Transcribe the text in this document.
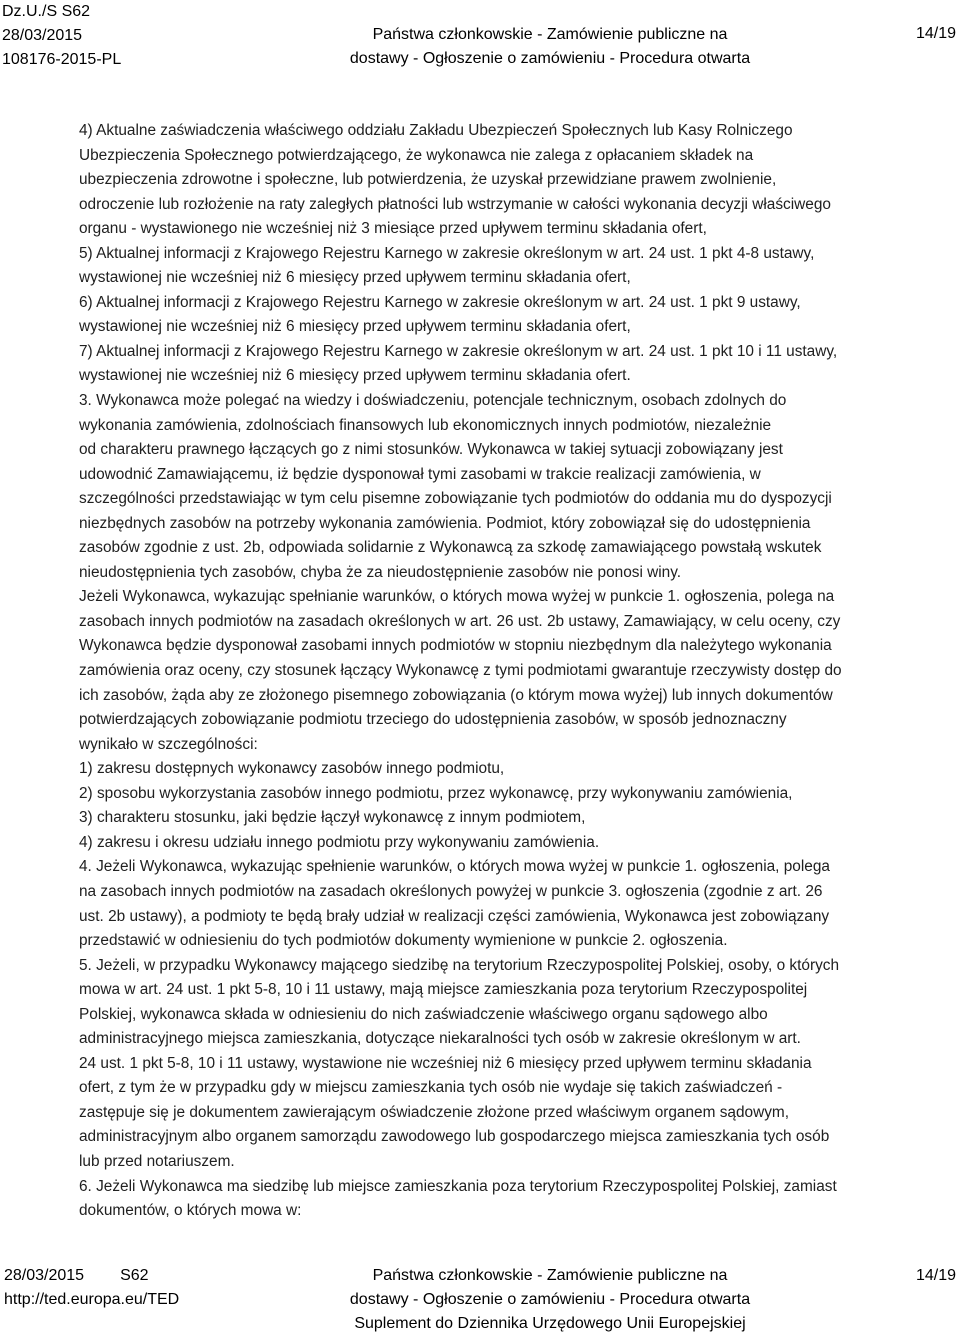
Dz.U./S S62
28/03/2015
108176-2015-PL
Państwa członkowskie - Zamówienie publiczne na
dostawy - Ogłoszenie o zamówieniu - Procedura otwarta
14/19

4) Aktualne zaświadczenia właściwego oddziału Zakładu Ubezpieczeń Społecznych lub Kasy Rolniczego

Ubezpieczenia Społecznego potwierdzającego, że wykonawca nie zalega z opłacaniem składek na

ubezpieczenia zdrowotne i społeczne, lub potwierdzenia, że uzyskał przewidziane prawem zwolnienie,

odroczenie lub rozłożenie na raty zaległych płatności lub wstrzymanie w całości wykonania decyzji właściwego

organu - wystawionego nie wcześniej niż 3 miesiące przed upływem terminu składania ofert,

5) Aktualnej informacji z Krajowego Rejestru Karnego w zakresie określonym w art. 24 ust. 1 pkt 4-8 ustawy,

wystawionej nie wcześniej niż 6 miesięcy przed upływem terminu składania ofert,

6) Aktualnej informacji z Krajowego Rejestru Karnego w zakresie określonym w art. 24 ust. 1 pkt 9 ustawy,

wystawionej nie wcześniej niż 6 miesięcy przed upływem terminu składania ofert,

7) Aktualnej informacji z Krajowego Rejestru Karnego w zakresie określonym w art. 24 ust. 1 pkt 10 i 11 ustawy,

wystawionej nie wcześniej niż 6 miesięcy przed upływem terminu składania ofert.

3. Wykonawca może polegać na wiedzy i doświadczeniu, potencjale technicznym, osobach zdolnych do

wykonania zamówienia, zdolnościach finansowych lub ekonomicznych innych podmiotów, niezależnie

od charakteru prawnego łączących go z nimi stosunków. Wykonawca w takiej sytuacji zobowiązany jest

udowodnić Zamawiającemu, iż będzie dysponował tymi zasobami w trakcie realizacji zamówienia, w

szczególności przedstawiając w tym celu pisemne zobowiązanie tych podmiotów do oddania mu do dyspozycji

niezbędnych zasobów na potrzeby wykonania zamówienia. Podmiot, który zobowiązał się do udostępnienia

zasobów zgodnie z ust. 2b, odpowiada solidarnie z Wykonawcą za szkodę zamawiającego powstałą wskutek

nieudostępnienia tych zasobów, chyba że za nieudostępnienie zasobów nie ponosi winy.

Jeżeli Wykonawca, wykazując spełnianie warunków, o których mowa wyżej w punkcie 1. ogłoszenia, polega na

zasobach innych podmiotów na zasadach określonych w art. 26 ust. 2b ustawy, Zamawiający, w celu oceny, czy

Wykonawca będzie dysponował zasobami innych podmiotów w stopniu niezbędnym dla należytego wykonania

zamówienia oraz oceny, czy stosunek łączący Wykonawcę z tymi podmiotami gwarantuje rzeczywisty dostęp do

ich zasobów, żąda aby ze złożonego pisemnego zobowiązania (o którym mowa wyżej) lub innych dokumentów

potwierdzających zobowiązanie podmiotu trzeciego do udostępnienia zasobów, w sposób jednoznaczny

wynikało w szczególności:

1) zakresu dostępnych wykonawcy zasobów innego podmiotu,

2) sposobu wykorzystania zasobów innego podmiotu, przez wykonawcę, przy wykonywaniu zamówienia,

3) charakteru stosunku, jaki będzie łączył wykonawcę z innym podmiotem,

4) zakresu i okresu udziału innego podmiotu przy wykonywaniu zamówienia.

4. Jeżeli Wykonawca, wykazując spełnienie warunków, o których mowa wyżej w punkcie 1. ogłoszenia, polega

na zasobach innych podmiotów na zasadach określonych powyżej w punkcie 3. ogłoszenia (zgodnie z art. 26

ust. 2b ustawy), a podmioty te będą brały udział w realizacji części zamówienia, Wykonawca jest zobowiązany

przedstawić w odniesieniu do tych podmiotów dokumenty wymienione w punkcie 2. ogłoszenia.

5. Jeżeli, w przypadku Wykonawcy mającego siedzibę na terytorium Rzeczypospolitej Polskiej, osoby, o których

mowa w art. 24 ust. 1 pkt 5-8, 10 i 11 ustawy, mają miejsce zamieszkania poza terytorium Rzeczypospolitej

Polskiej, wykonawca składa w odniesieniu do nich zaświadczenie właściwego organu sądowego albo

administracyjnego miejsca zamieszkania, dotyczące niekaralności tych osób w zakresie określonym w art.

24 ust. 1 pkt 5-8, 10 i 11 ustawy, wystawione nie wcześniej niż 6 miesięcy przed upływem terminu składania

ofert, z tym że w przypadku gdy w miejscu zamieszkania tych osób nie wydaje się takich zaświadczeń -

zastępuje się je dokumentem zawierającym oświadczenie złożone przed właściwym organem sądowym,

administracyjnym albo organem samorządu zawodowego lub gospodarczego miejsca zamieszkania tych osób

lub przed notariuszem.

6. Jeżeli Wykonawca ma siedzibę lub miejsce zamieszkania poza terytorium Rzeczypospolitej Polskiej, zamiast

dokumentów, o których mowa w:

28/03/2015 S62
http://ted.europa.eu/TED
Państwa członkowskie - Zamówienie publiczne na
dostawy - Ogłoszenie o zamówieniu - Procedura otwarta
Suplement do Dziennika Urzędowego Unii Europejskiej
14/19
